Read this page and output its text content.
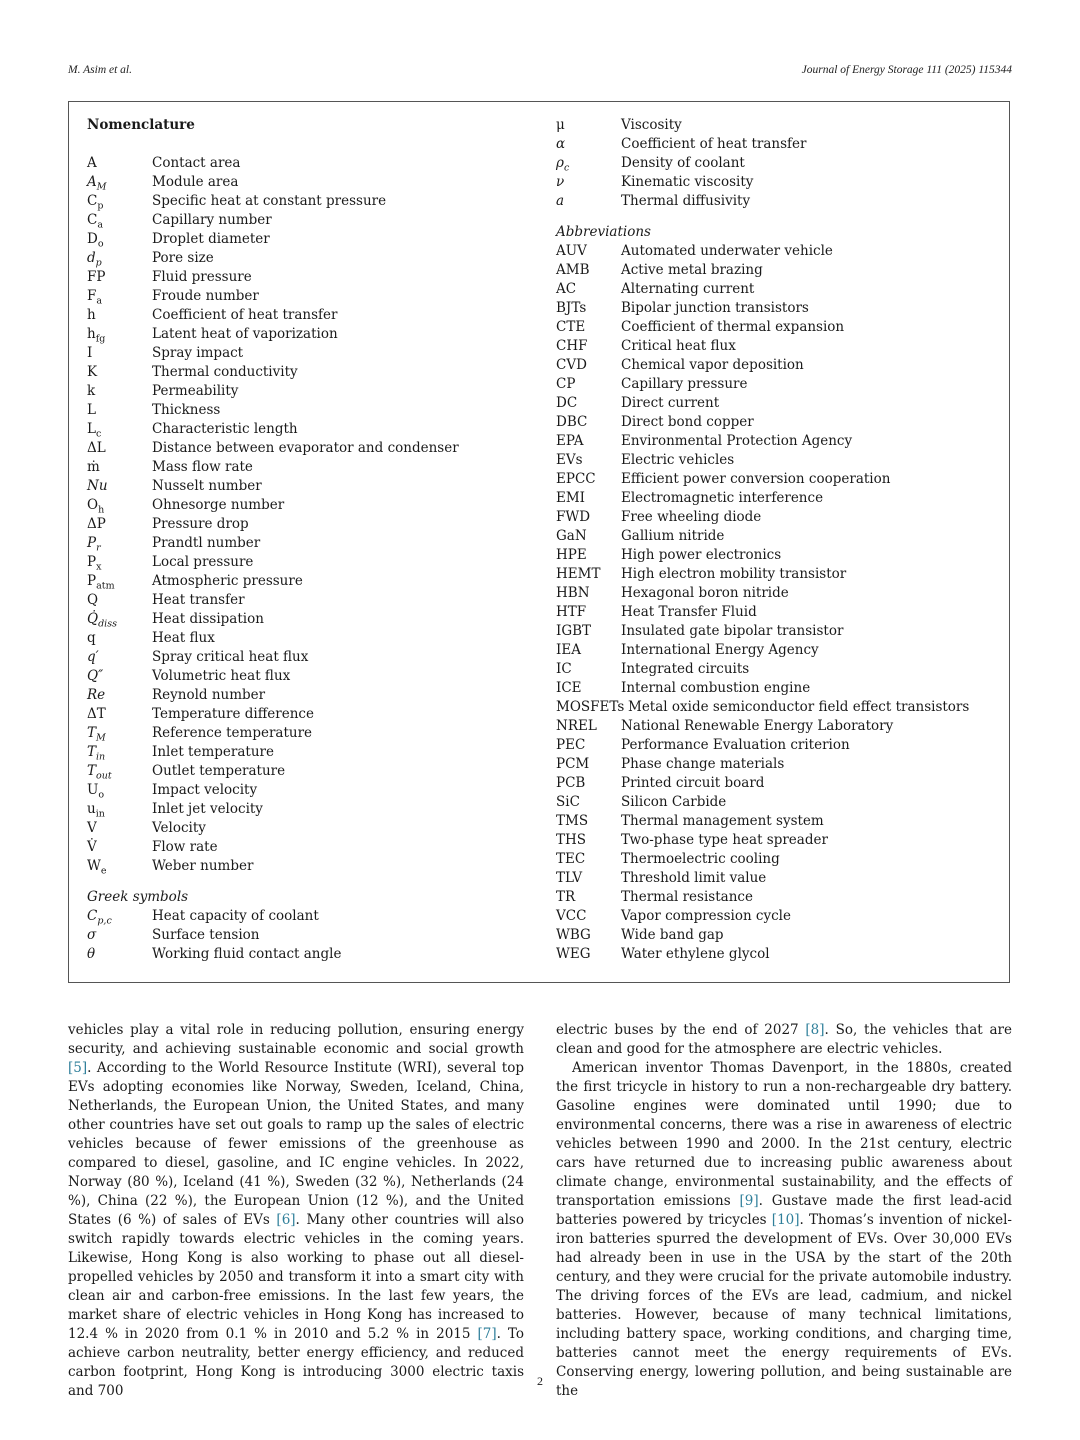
M. Asim et al.	Journal of Energy Storage 111 (2025) 115344
Nomenclature
A	Contact area
$A_M$	Module area
$C_p$	Specific heat at constant pressure
$C_a$	Capillary number
$D_o$	Droplet diameter
$d_p$	Pore size
FP	Fluid pressure
$F_a$	Froude number
h	Coefficient of heat transfer
$h_{fg}$	Latent heat of vaporization
I	Spray impact
K	Thermal conductivity
k	Permeability
L	Thickness
$L_c$	Characteristic length
ΔL	Distance between evaporator and condenser
ṁ	Mass flow rate
Nu	Nusselt number
$O_h$	Ohnesorge number
ΔP	Pressure drop
$P_r$	Prandtl number
$P_x$	Local pressure
$P_{atm}$	Atmospheric pressure
Q	Heat transfer
$Q̇_{diss}$	Heat dissipation
q	Heat flux
q′	Spray critical heat flux
Q″	Volumetric heat flux
Re	Reynold number
ΔT	Temperature difference
$T_M$	Reference temperature
$T_{in}$	Inlet temperature
$T_{out}$	Outlet temperature
$U_o$	Impact velocity
$u_{in}$	Inlet jet velocity
V	Velocity
V̇	Flow rate
$W_e$	Weber number
Greek symbols
$C_{p,c}$	Heat capacity of coolant
σ	Surface tension
θ	Working fluid contact angle
μ	Viscosity
α	Coefficient of heat transfer
$\rho_c$	Density of coolant
ν	Kinematic viscosity
a	Thermal diffusivity
Abbreviations
AUV	Automated underwater vehicle
AMB Active metal brazing
AC	Alternating current
BJTs	Bipolar junction transistors
CTE	Coefficient of thermal expansion
CHF Critical heat flux
CVD	Chemical vapor deposition
CP	Capillary pressure
DC	Direct current
DBC Direct bond copper
EPA	Environmental Protection Agency
EVs	Electric vehicles
EPCC Efficient power conversion cooperation
EMI	Electromagnetic interference
FWD Free wheeling diode
GaN	Gallium nitride
HPE	High power electronics
HEMT High electron mobility transistor
HBN Hexagonal boron nitride
HTF	Heat Transfer Fluid
IGBT Insulated gate bipolar transistor
IEA	International Energy Agency
IC	Integrated circuits
ICE	Internal combustion engine
MOSFETs Metal oxide semiconductor field effect transistors
NREL National Renewable Energy Laboratory
PEC	Performance Evaluation criterion
PCM Phase change materials
PCB	Printed circuit board
SiC	Silicon Carbide
TMS Thermal management system
THS	Two-phase type heat spreader
TEC	Thermoelectric cooling
TLV	Threshold limit value
TR	Thermal resistance
VCC	Vapor compression cycle
WBG Wide band gap
WEG Water ethylene glycol

vehicles play a vital role in reducing pollution, ensuring energy security, and achieving sustainable economic and social growth [5]. According to the World Resource Institute (WRI), several top EVs adopting economies like Norway, Sweden, Iceland, China, Netherlands, the European Union, the United States, and many other countries have set out goals to ramp up the sales of electric vehicles because of fewer emissions of the greenhouse as compared to diesel, gasoline, and IC engine vehicles. In 2022, Norway (80 %), Iceland (41 %), Sweden (32 %), Netherlands (24 %), China (22 %), the European Union (12 %), and the United States (6 %) of sales of EVs [6]. Many other countries will also switch rapidly towards electric vehicles in the coming years. Likewise, Hong Kong is also working to phase out all diesel-propelled vehicles by 2050 and transform it into a smart city with clean air and carbon-free emissions. In the last few years, the market share of electric vehicles in Hong Kong has increased to 12.4 % in 2020 from 0.1 % in 2010 and 5.2 % in 2015 [7]. To achieve carbon neutrality, better energy efficiency, and reduced carbon footprint, Hong Kong is introducing 3000 electric taxis and 700

electric buses by the end of 2027 [8]. So, the vehicles that are clean and good for the atmosphere are electric vehicles.

American inventor Thomas Davenport, in the 1880s, created the first tricycle in history to run a non-rechargeable dry battery. Gasoline engines were dominated until 1990; due to environmental concerns, there was a rise in awareness of electric vehicles between 1990 and 2000. In the 21st century, electric cars have returned due to increasing public awareness about climate change, environmental sustainability, and the effects of transportation emissions [9]. Gustave made the first lead-acid batteries powered by tricycles [10]. Thomas’s invention of nickel-iron batteries spurred the development of EVs. Over 30,000 EVs had already been in use in the USA by the start of the 20th century, and they were crucial for the private automobile industry. The driving forces of the EVs are lead, cadmium, and nickel batteries. However, because of many technical limitations, including battery space, working conditions, and charging time, batteries cannot meet the energy requirements of EVs. Conserving energy, lowering pollution, and being sustainable are the

2
